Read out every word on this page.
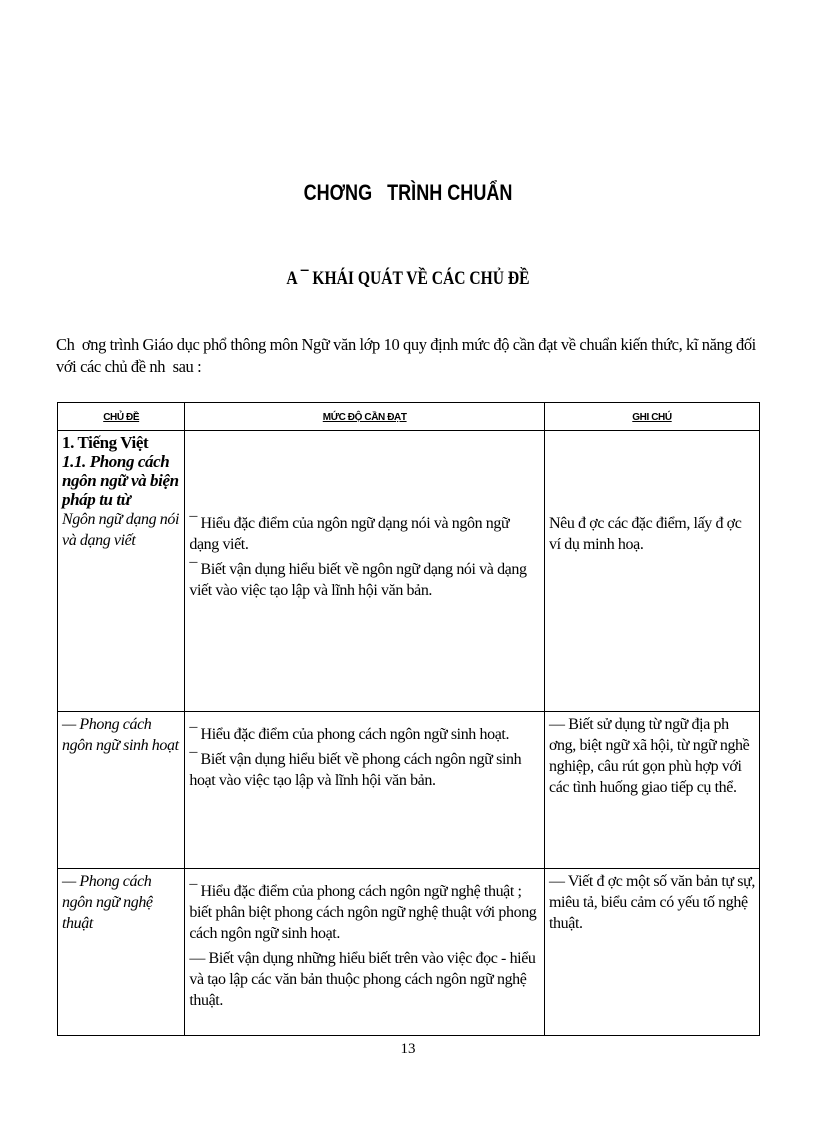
CHƠNG   TRÌNH CHUẨN
A ¯ KHÁI QUÁT VỀ CÁC CHỦ ĐỀ
Ch  ơng trình Giáo dục phổ thông môn Ngữ văn lớp 10 quy định mức độ cần đạt về chuẩn kiến thức, kĩ năng đối với các chủ đề nh  sau :
CHỦ ĐỀ	MỨC ĐỘ CẦN ĐẠT	GHI CHÚ

1. Tiếng Việt
1.1. Phong cách ngôn ngữ và biện pháp tu từ
Ngôn ngữ dạng nói và dạng viết	¯ Hiểu đặc điểm của ngôn ngữ dạng nói và ngôn ngữ dạng viết.
¯ Biết vận dụng hiểu biết về ngôn ngữ dạng nói và dạng viết vào việc tạo lập và lĩnh hội văn bản.	Nêu đ ợc các đặc điểm, lấy đ ợc ví dụ minh hoạ.

— Phong cách ngôn ngữ sinh hoạt	¯ Hiểu đặc điểm của phong cách ngôn ngữ sinh hoạt.
¯ Biết vận dụng hiểu biết về phong cách ngôn ngữ sinh hoạt vào việc tạo lập và lĩnh hội văn bản.	— Biết sử dụng từ ngữ địa ph ơng, biệt ngữ xã hội, từ ngữ nghề nghiệp, câu rút gọn phù hợp với các tình huống giao tiếp cụ thể.

— Phong cách ngôn ngữ nghệ thuật	¯ Hiểu đặc điểm của phong cách ngôn ngữ nghệ thuật ; biết phân biệt phong cách ngôn ngữ nghệ thuật với phong cách ngôn ngữ sinh hoạt.
— Biết vận dụng những hiểu biết trên vào việc đọc - hiểu và tạo lập các văn bản thuộc phong cách ngôn ngữ nghệ thuật.	— Viết đ ợc một số văn bản tự sự, miêu tả, biểu cảm có yếu tố nghệ thuật.
13
